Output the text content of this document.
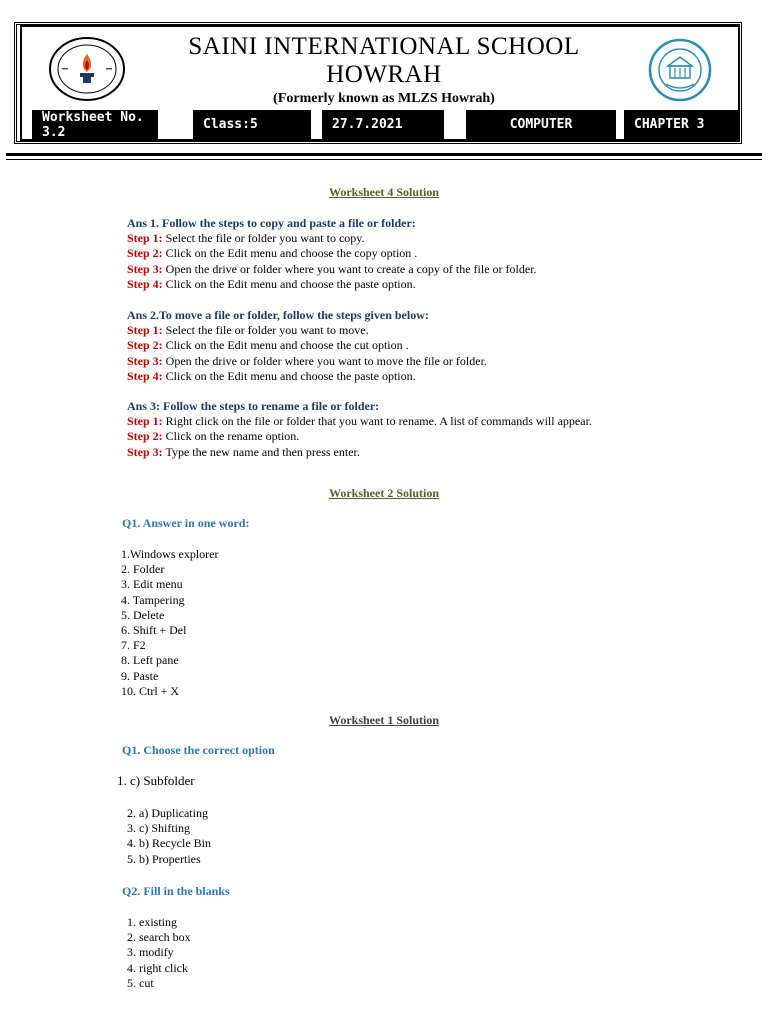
SAINI INTERNATIONAL SCHOOL
HOWRAH
(Formerly known as MLZS Howrah)
Worksheet No. 3.2	Class:5	27.7.2021	COMPUTER	CHAPTER 3
Worksheet 4 Solution
Ans 1. Follow the steps to copy and paste a file or folder:
Step 1: Select the file or folder you want to copy.
Step 2: Click on the Edit menu and choose the copy option .
Step 3: Open the drive or folder where you want to create a copy of the file or folder.
Step 4: Click on the Edit menu and choose the paste option.
Ans 2.To move a file or folder, follow the steps given below:
Step 1: Select the file or folder you want to move.
Step 2: Click on the Edit menu and choose the cut option .
Step 3: Open the drive or folder where you want to move the file or folder.
Step 4: Click on the Edit menu and choose the paste option.
Ans 3: Follow the steps to rename a file or folder:
Step 1: Right click on the file or folder that you want to rename. A list of commands will appear.
Step 2: Click on the rename option.
Step 3: Type the new name and then press enter.
Worksheet 2 Solution
Q1. Answer in one word:
1.Windows explorer
2. Folder
3. Edit menu
4. Tampering
5. Delete
6. Shift + Del
7. F2
8. Left pane
9. Paste
10. Ctrl + X
Worksheet 1 Solution
Q1. Choose the correct option
1. c) Subfolder
2. a) Duplicating
3. c) Shifting
4. b) Recycle Bin
5. b) Properties
Q2. Fill in the blanks
1. existing
2. search box
3. modify
4. right click
5. cut
